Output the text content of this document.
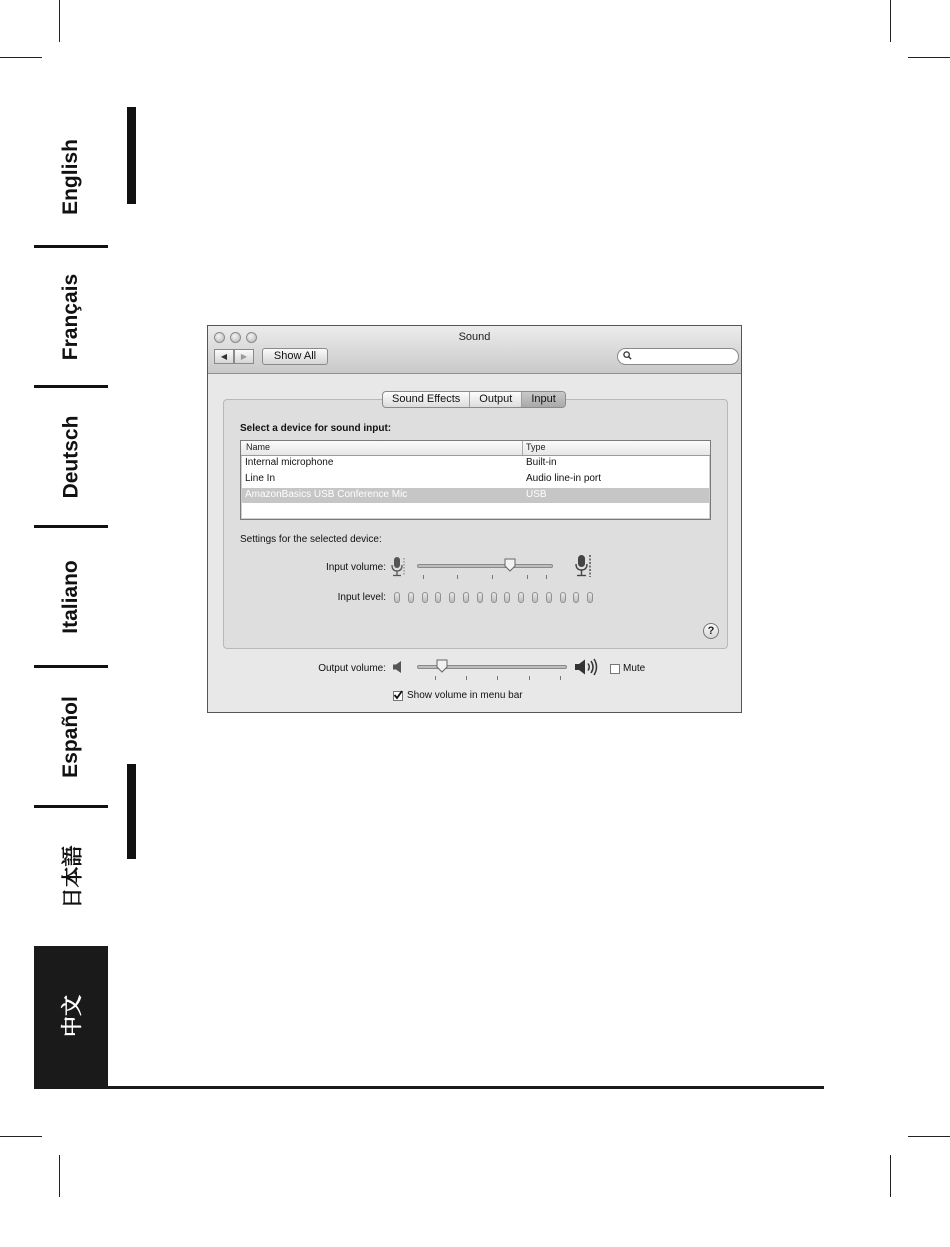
English
Français
Deutsch
Italiano
Español
日本語
中文
Sound
◀	▶	Show All
Sound Effects	Output	Input
Select a device for sound input:
Name	Type
Internal microphone	Built-in
Line In	Audio line-in port
AmazonBasics USB Conference Mic	USB
Settings for the selected device:
Input volume:
Input level:
?
Output volume:	Mute
Show volume in menu bar
